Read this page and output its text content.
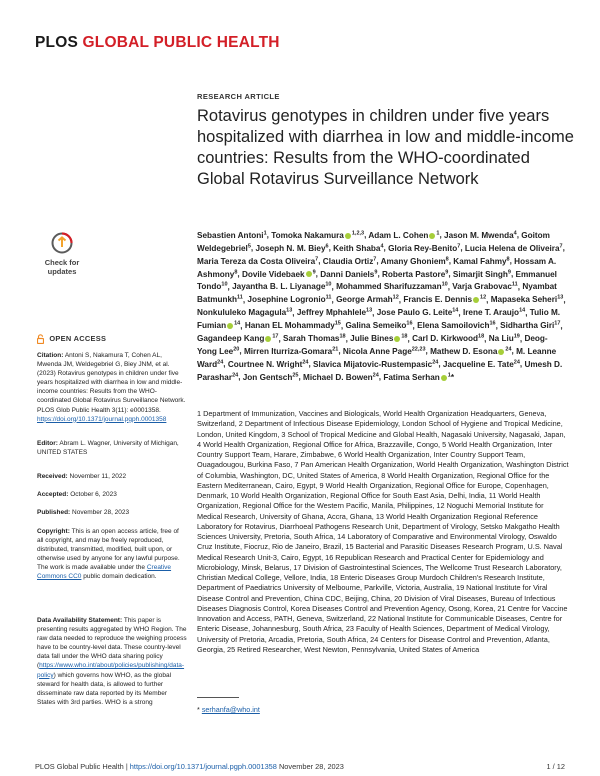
PLOS GLOBAL PUBLIC HEALTH
RESEARCH ARTICLE
Rotavirus genotypes in children under five years hospitalized with diarrhea in low and middle-income countries: Results from the WHO-coordinated Global Rotavirus Surveillance Network

Sebastien Antoni$^1$, Tomoka Nakamura $^{1,2,3}$, Adam L. Cohen $^1$, Jason M. Mwenda$^4$, Goitom Weldegebriel$^5$, Joseph N. M. Biey$^6$, Keith Shaba$^4$, Gloria Rey-Benito$^7$, Lucia Helena de Oliveira$^7$, Maria Tereza da Costa Oliveira$^7$, Claudia Ortiz$^7$, Amany Ghoniem$^8$, Kamal Fahmy$^8$, Hossam A. Ashmony$^8$, Dovile Videbaek $^9$, Danni Daniels$^9$, Roberta Pastore$^9$, Simarjit Singh$^9$, Emmanuel Tondo$^{10}$, Jayantha B. L. Liyanage$^{10}$, Mohammed Sharifuzzaman$^{10}$, Varja Grabovac$^{11}$, Nyambat Batmunkh$^{11}$, Josephine Logronio$^{11}$, George Armah$^{12}$, Francis E. Dennis $^{12}$, Mapaseka Seheri$^{13}$, Nonkululeko Magagula$^{13}$, Jeffrey Mphahlele$^{13}$, Jose Paulo G. Leite$^{14}$, Irene T. Araujo$^{14}$, Tulio M. Fumian $^{14}$, Hanan EL Mohammady$^{15}$, Galina Semeiko$^{16}$, Elena Samoilovich$^{16}$, Sidhartha Giri$^{17}$, Gagandeep Kang $^{17}$, Sarah Thomas$^{18}$, Julie Bines $^{18}$, Carl D. Kirkwood$^{18}$, Na Liu$^{19}$, Deog-Yong Lee$^{20}$, Mirren Iturriza-Gomara$^{21}$, Nicola Anne Page$^{22,23}$, Mathew D. Esona $^{24}$, M. Leanne Ward$^{24}$, Courtnee N. Wright$^{24}$, Slavica Mijatovic-Rustempasic$^{24}$, Jacqueline E. Tate$^{24}$, Umesh D. Parashar$^{24}$, Jon Gentsch$^{25}$, Michael D. Bowen$^{24}$, Fatima Serhan $^1$*

1 Department of Immunization, Vaccines and Biologicals, World Health Organization Headquarters, Geneva, Switzerland, 2 Department of Infectious Disease Epidemiology, London School of Hygiene and Tropical Medicine, London, United Kingdom, 3 School of Tropical Medicine and Global Health, Nagasaki University, Nagasaki, Japan, 4 World Health Organization, Regional Office for Africa, Brazzaville, Congo, 5 World Health Organization, Inter Country Support Team, Harare, Zimbabwe, 6 World Health Organization, Inter Country Support Team, Ouagadougou, Burkina Faso, 7 Pan American Health Organization, World Health Organization, Washington District of Columbia, Washington, DC, United States of America, 8 World Health Organization, Regional Office for the Eastern Mediterranean, Cairo, Egypt, 9 World Health Organization, Regional Office for Europe, Copenhagen, Denmark, 10 World Health Organization, Regional Office for South East Asia, Delhi, India, 11 World Health Organization, Regional Office for the Western Pacific, Manila, Philippines, 12 Noguchi Memorial Institute for Medical Research, University of Ghana, Accra, Ghana, 13 World Health Organization Regional Reference Laboratory for Rotavirus, Diarrhoeal Pathogens Research Unit, Department of Virology, Setsko Makgatho Health Sciences University, Pretoria, South Africa, 14 Laboratory of Comparative and Environmental Virology, Oswaldo Cruz Institute, Fiocruz, Rio de Janeiro, Brazil, 15 Bacterial and Parasitic Diseases Research Program, U.S. Naval Medical Research Unit-3, Cairo, Egypt, 16 Republican Research and Practical Center for Epidemiology and Microbiology, Minsk, Belarus, 17 Division of Gastrointestinal Sciences, The Wellcome Trust Research Laboratory, Christian Medical College, Vellore, India, 18 Enteric Diseases Group Murdoch Children's Research Institute, Department of Paediatrics University of Melbourne, Parkville, Victoria, Australia, 19 National Institute for Viral Disease Control and Prevention, China CDC, Beijing, China, 20 Division of Viral Diseases, Bureau of Infectious Diseases Diagnosis Control, Korea Diseases Control and Prevention Agency, Osong, Korea, 21 Centre for Vaccine Innovation and Access, PATH, Geneva, Switzerland, 22 National Institute for Communicable Diseases, Centre for Enteric Disease, Johannesburg, South Africa, 23 Faculty of Health Sciences, Department of Medical Virology, University of Pretoria, Arcadia, Pretoria, South Africa, 24 Centers for Disease Control and Prevention, Atlanta, Georgia, 25 Retired Researcher, West Newton, Pennsylvania, United States of America

* serhanfa@who.int
Check for
updates
OPEN ACCESS

Citation: Antoni S, Nakamura T, Cohen AL, Mwenda JM, Weldegebriel G, Biey JNM, et al. (2023) Rotavirus genotypes in children under five years hospitalized with diarrhea in low and middle-income countries: Results from the WHO-coordinated Global Rotavirus Surveillance Network. PLOS Glob Public Health 3(11): e0001358. https://doi.org/10.1371/journal.pgph.0001358

Editor: Abram L. Wagner, University of Michigan, UNITED STATES

Received: November 11, 2022

Accepted: October 6, 2023

Published: November 28, 2023

Copyright: This is an open access article, free of all copyright, and may be freely reproduced, distributed, transmitted, modified, built upon, or otherwise used by anyone for any lawful purpose. The work is made available under the Creative Commons CC0 public domain dedication.

Data Availability Statement: This paper is presenting results aggregated by WHO Region. The raw data needed to reproduce the weighing process have to be country-level data. These country-level data fall under the WHO data sharing policy (https://www.who.int/about/policies/publishing/data-policy) which governs how WHO, as the global steward for health data, is allowed to further disseminate raw data reported by its Member States with 3rd parties. WHO is a strong

PLOS Global Public Health | https://doi.org/10.1371/journal.pgph.0001358 November 28, 2023	1 / 12
